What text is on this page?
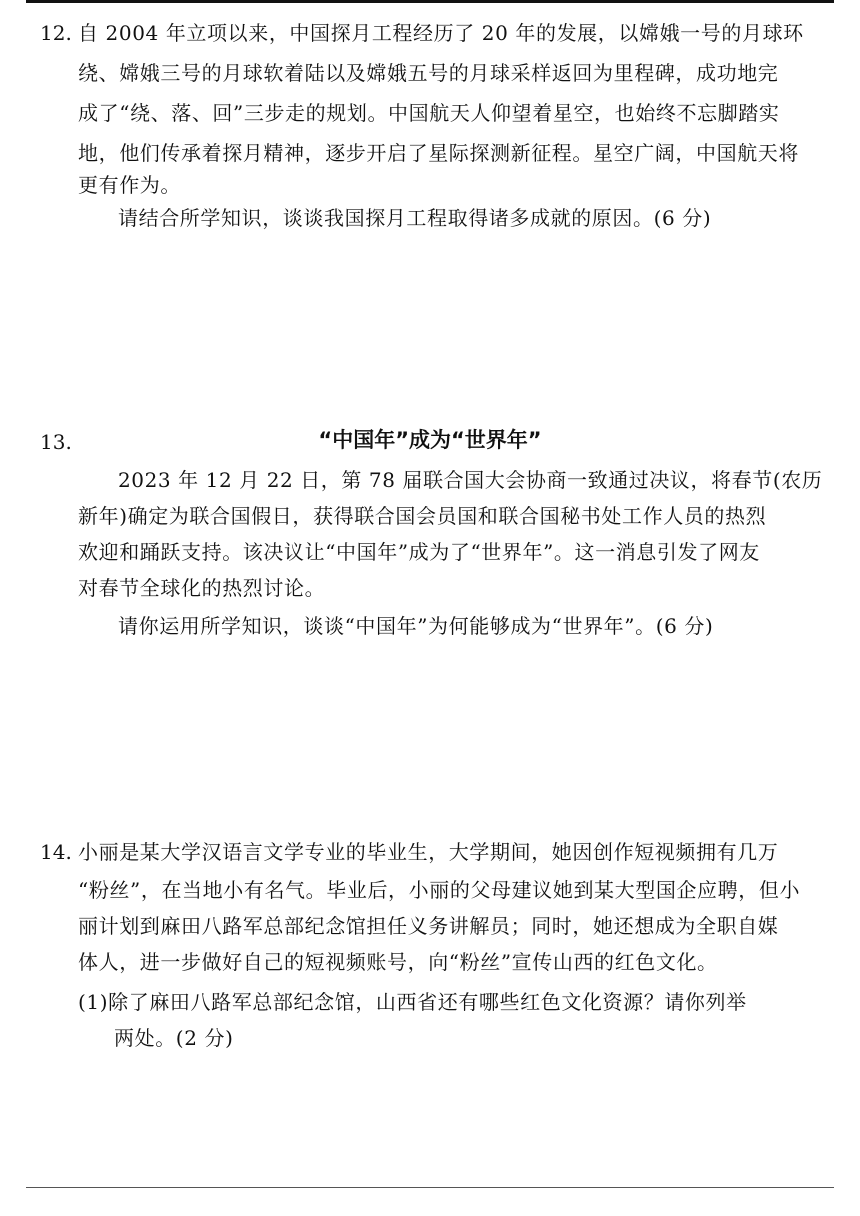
12. 自 2004 年立项以来，中国探月工程经历了 20 年的发展，以嫦娥一号的月球环
绕、嫦娥三号的月球软着陆以及嫦娥五号的月球采样返回为里程碑，成功地完
成了“绕、落、回”三步走的规划。中国航天人仰望着星空，也始终不忘脚踏实
地，他们传承着探月精神，逐步开启了星际探测新征程。星空广阔，中国航天将
更有作为。
请结合所学知识，谈谈我国探月工程取得诸多成就的原因。(6 分)
13.	“中国年”成为“世界年”
2023 年 12 月 22 日，第 78 届联合国大会协商一致通过决议，将春节(农历
新年)确定为联合国假日，获得联合国会员国和联合国秘书处工作人员的热烈
欢迎和踊跃支持。该决议让“中国年”成为了“世界年”。这一消息引发了网友
对春节全球化的热烈讨论。
请你运用所学知识，谈谈“中国年”为何能够成为“世界年”。(6 分)
14. 小丽是某大学汉语言文学专业的毕业生，大学期间，她因创作短视频拥有几万
“粉丝”，在当地小有名气。毕业后，小丽的父母建议她到某大型国企应聘，但小
丽计划到麻田八路军总部纪念馆担任义务讲解员；同时，她还想成为全职自媒
体人，进一步做好自己的短视频账号，向“粉丝”宣传山西的红色文化。
(1)除了麻田八路军总部纪念馆，山西省还有哪些红色文化资源？请你列举
两处。(2 分)
